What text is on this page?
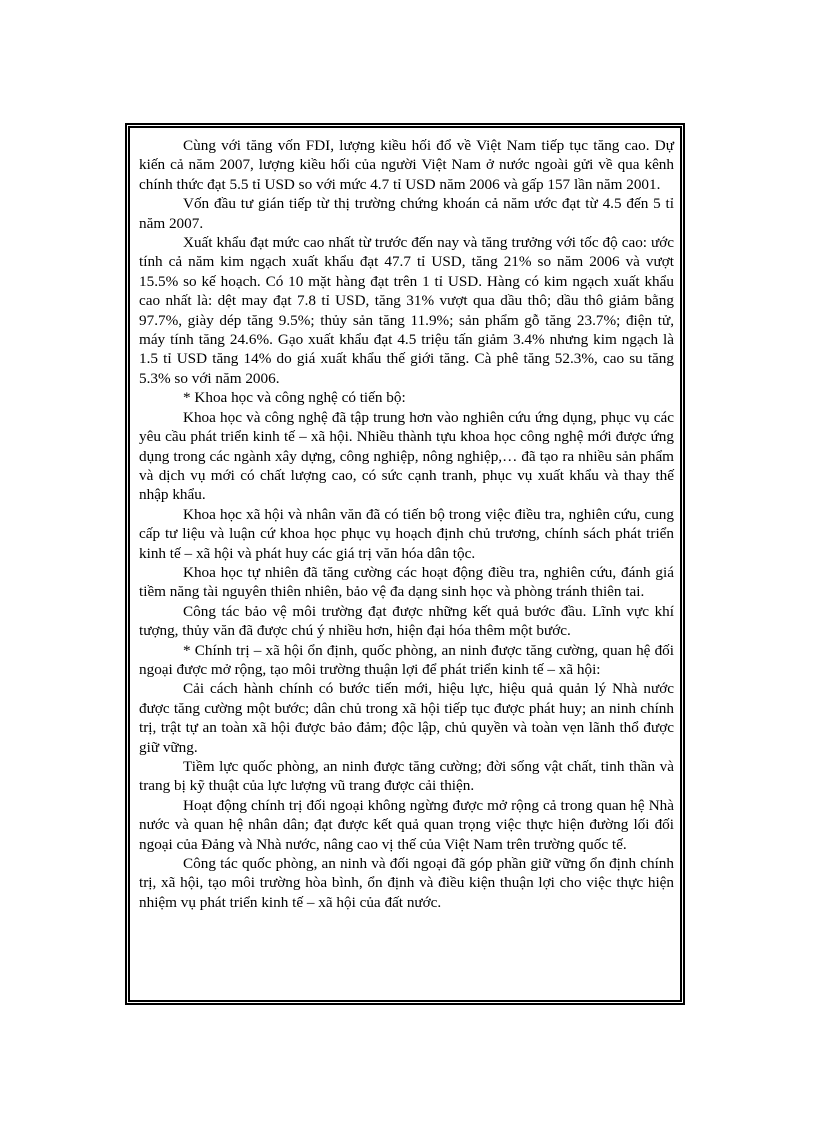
Cùng với tăng vốn FDI, lượng kiều hối đổ về Việt Nam tiếp tục tăng cao. Dự kiến cả năm 2007, lượng kiều hối của người Việt Nam ở nước ngoài gửi về qua kênh chính thức đạt 5.5 tỉ USD so với mức 4.7 tỉ USD năm 2006 và gấp 157 lần năm 2001.

Vốn đầu tư gián tiếp từ thị trường chứng khoán cả năm ước đạt từ 4.5 đến 5 tỉ năm 2007.

Xuất khẩu đạt mức cao nhất từ trước đến nay và tăng trưởng với tốc độ cao: ước tính cả năm kim ngạch xuất khẩu đạt 47.7 tỉ USD, tăng 21% so năm 2006 và vượt 15.5% so kế hoạch. Có 10 mặt hàng đạt trên 1 tỉ USD. Hàng có kim ngạch xuất khẩu cao nhất là: dệt may đạt 7.8 tỉ USD, tăng 31% vượt qua dầu thô; dầu thô giảm bằng 97.7%, giày dép tăng 9.5%; thủy sản tăng 11.9%; sản phẩm gỗ tăng 23.7%; điện tử, máy tính tăng 24.6%. Gạo xuất khẩu đạt 4.5 triệu tấn giảm 3.4% nhưng kim ngạch là 1.5 tỉ USD tăng 14% do giá xuất khẩu thế giới tăng. Cà phê tăng 52.3%, cao su tăng 5.3% so với năm 2006.

* Khoa học và công nghệ có tiến bộ:

Khoa học và công nghệ đã tập trung hơn vào nghiên cứu ứng dụng, phục vụ các yêu cầu phát triển kinh tế – xã hội. Nhiều thành tựu khoa học công nghệ mới được ứng dụng trong các ngành xây dựng, công nghiệp, nông nghiệp,… đã tạo ra nhiều sản phẩm và dịch vụ mới có chất lượng cao, có sức cạnh tranh, phục vụ xuất khẩu và thay thế nhập khẩu.

Khoa học xã hội và nhân văn đã có tiến bộ trong việc điều tra, nghiên cứu, cung cấp tư liệu và luận cứ khoa học phục vụ hoạch định chủ trương, chính sách phát triển kinh tế – xã hội và phát huy các giá trị văn hóa dân tộc.

Khoa học tự nhiên đã tăng cường các hoạt động điều tra, nghiên cứu, đánh giá tiềm năng tài nguyên thiên nhiên, bảo vệ đa dạng sinh học và phòng tránh thiên tai.

Công tác bảo vệ môi trường đạt được những kết quả bước đầu. Lĩnh vực khí tượng, thủy văn đã được chú ý nhiều hơn, hiện đại hóa thêm một bước.

* Chính trị – xã hội ổn định, quốc phòng, an ninh được tăng cường, quan hệ đối ngoại được mở rộng, tạo môi trường thuận lợi để phát triển kinh tế – xã hội:

Cải cách hành chính có bước tiến mới, hiệu lực, hiệu quả quản lý Nhà nước được tăng cường một bước; dân chủ trong xã hội tiếp tục được phát huy; an ninh chính trị, trật tự an toàn xã hội được bảo đảm; độc lập, chủ quyền và toàn vẹn lãnh thổ được giữ vững.

Tiềm lực quốc phòng, an ninh được tăng cường; đời sống vật chất, tinh thần và trang bị kỹ thuật của lực lượng vũ trang được cải thiện.

Hoạt động chính trị đối ngoại không ngừng được mở rộng cả trong quan hệ Nhà nước và quan hệ nhân dân; đạt được kết quả quan trọng việc thực hiện đường lối đối ngoại của Đảng và Nhà nước, nâng cao vị thế của Việt Nam trên trường quốc tế.

Công tác quốc phòng, an ninh và đối ngoại đã góp phần giữ vững ổn định chính trị, xã hội, tạo môi trường hòa bình, ổn định và điều kiện thuận lợi cho việc thực hiện nhiệm vụ phát triển kinh tế – xã hội của đất nước.
